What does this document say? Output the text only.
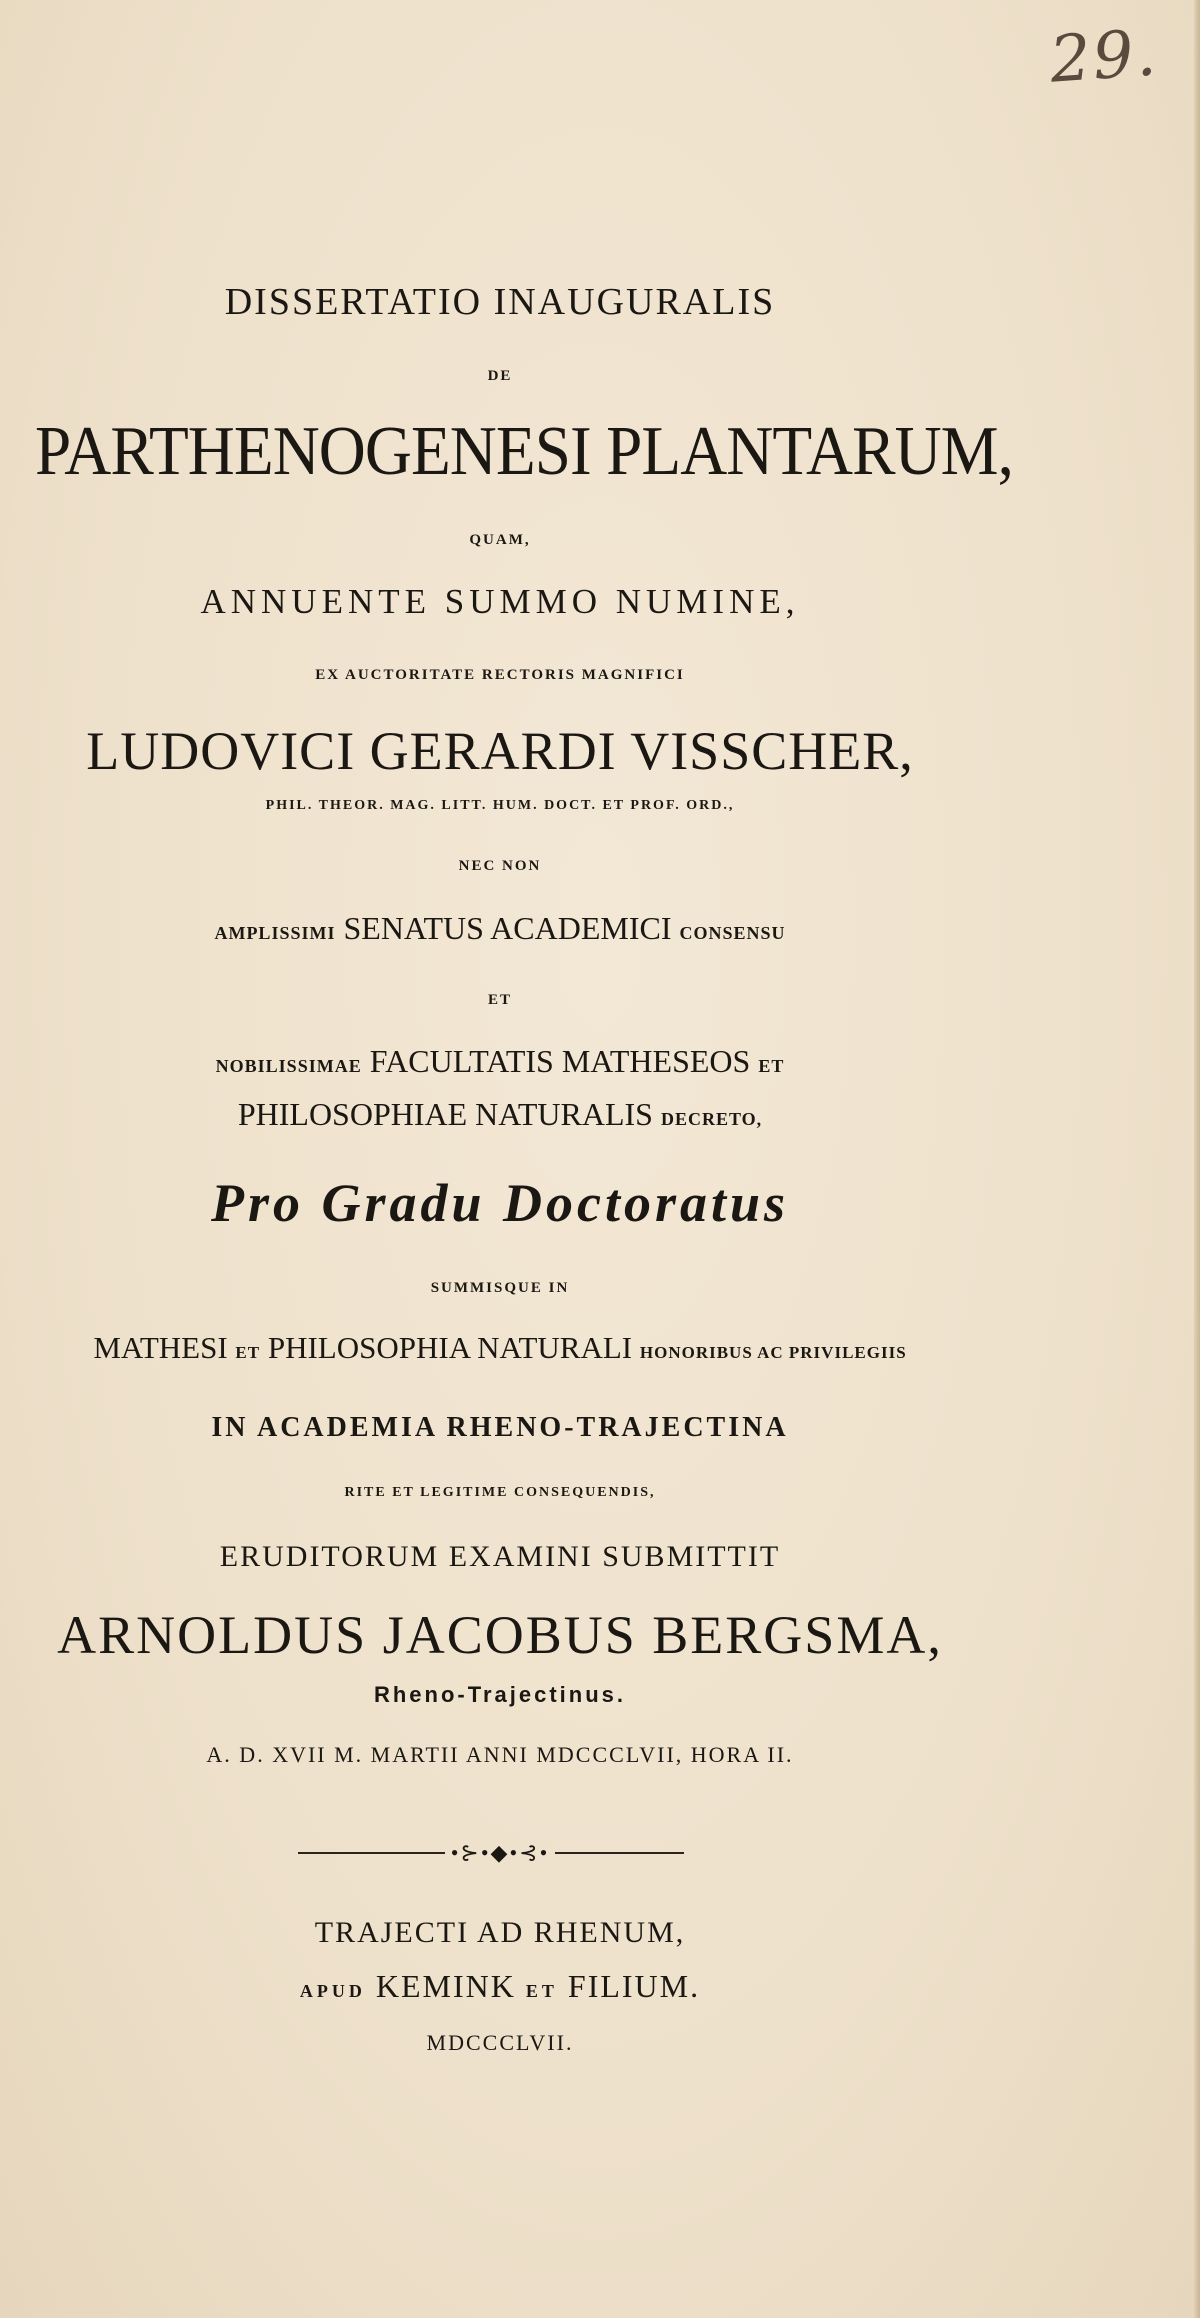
29.
DISSERTATIO INAUGURALIS
DE
PARTHENOGENESI PLANTARUM,
QUAM,
ANNUENTE SUMMO NUMINE,
EX AUCTORITATE RECTORIS MAGNIFICI
LUDOVICI GERARDI VISSCHER,
PHIL. THEOR. MAG. LITT. HUM. DOCT. ET PROF. ORD.,
NEC NON
AMPLISSIMI SENATUS ACADEMICI CONSENSU
ET
NOBILISSIMAE FACULTATIS MATHESEOS ET
PHILOSOPHIAE NATURALIS DECRETO,
Pro Gradu Doctoratus
SUMMISQUE IN
MATHESI ET PHILOSOPHIA NATURALI HONORIBUS AC PRIVILEGIIS
IN ACADEMIA RHENO-TRAJECTINA
RITE ET LEGITIME CONSEQUENDIS,
ERUDITORUM EXAMINI SUBMITTIT
ARNOLDUS JACOBUS BERGSMA,
Rheno-Trajectinus.
A. D. XVII M. MARTII ANNI MDCCCLVII, HORA II.
•⊱•◆•⊰•
TRAJECTI AD RHENUM,
APUD KEMINK ET FILIUM.
MDCCCLVII.
